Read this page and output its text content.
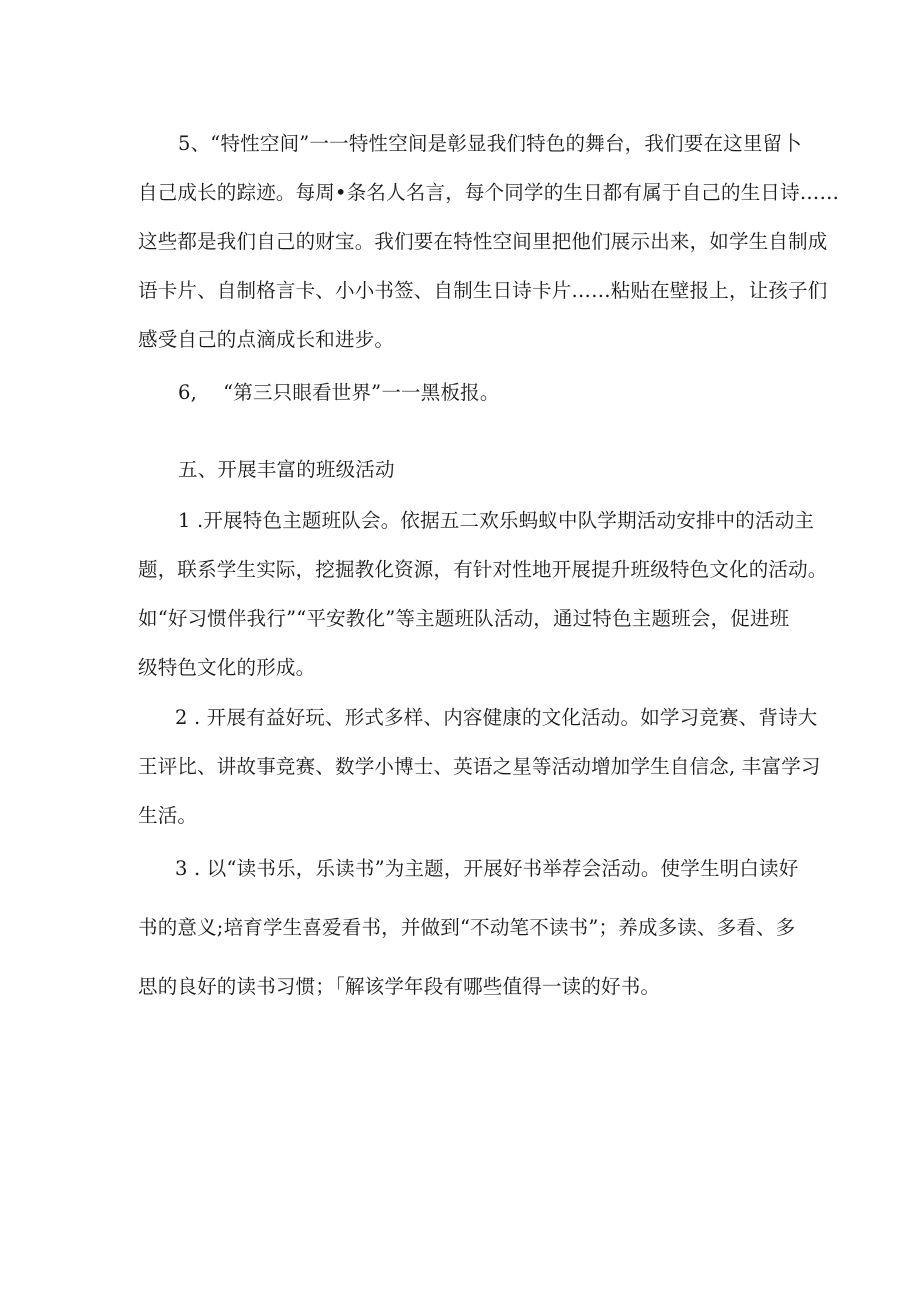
5、“特性空间”一一特性空间是彰显我们特色的舞台，我们要在这里留卜
自己成长的踪迹。每周•条名人名言，每个同学的生日都有属于自己的生日诗……
这些都是我们自己的财宝。我们要在特性空间里把他们展示出来，如学生自制成
语卡片、自制格言卡、小小书签、自制生日诗卡片……粘贴在壁报上，让孩子们
感受自己的点滴成长和进步。
6,　 “第三只眼看世界”一一黑板报。
五、开展丰富的班级活动
1 .开展特色主题班队会。依据五二欢乐蚂蚁中队学期活动安排中的活动主
题，联系学生实际，挖掘教化资源，有针对性地开展提升班级特色文化的活动。
如“好习惯伴我行”“平安教化”等主题班队活动，通过特色主题班会，促进班
级特色文化的形成。
2 . 开展有益好玩、形式多样、内容健康的文化活动。如学习竞赛、背诗大
王评比、讲故事竞赛、数学小博士、英语之星等活动增加学生自信念, 丰富学习
生活。
3 . 以“读书乐，乐读书”为主题，开展好书举荐会活动。使学生明白读好
书的意义;培育学生喜爱看书，并做到“不动笔不读书”；养成多读、多看、多
思的良好的读书习惯；「解该学年段有哪些值得一读的好书。
